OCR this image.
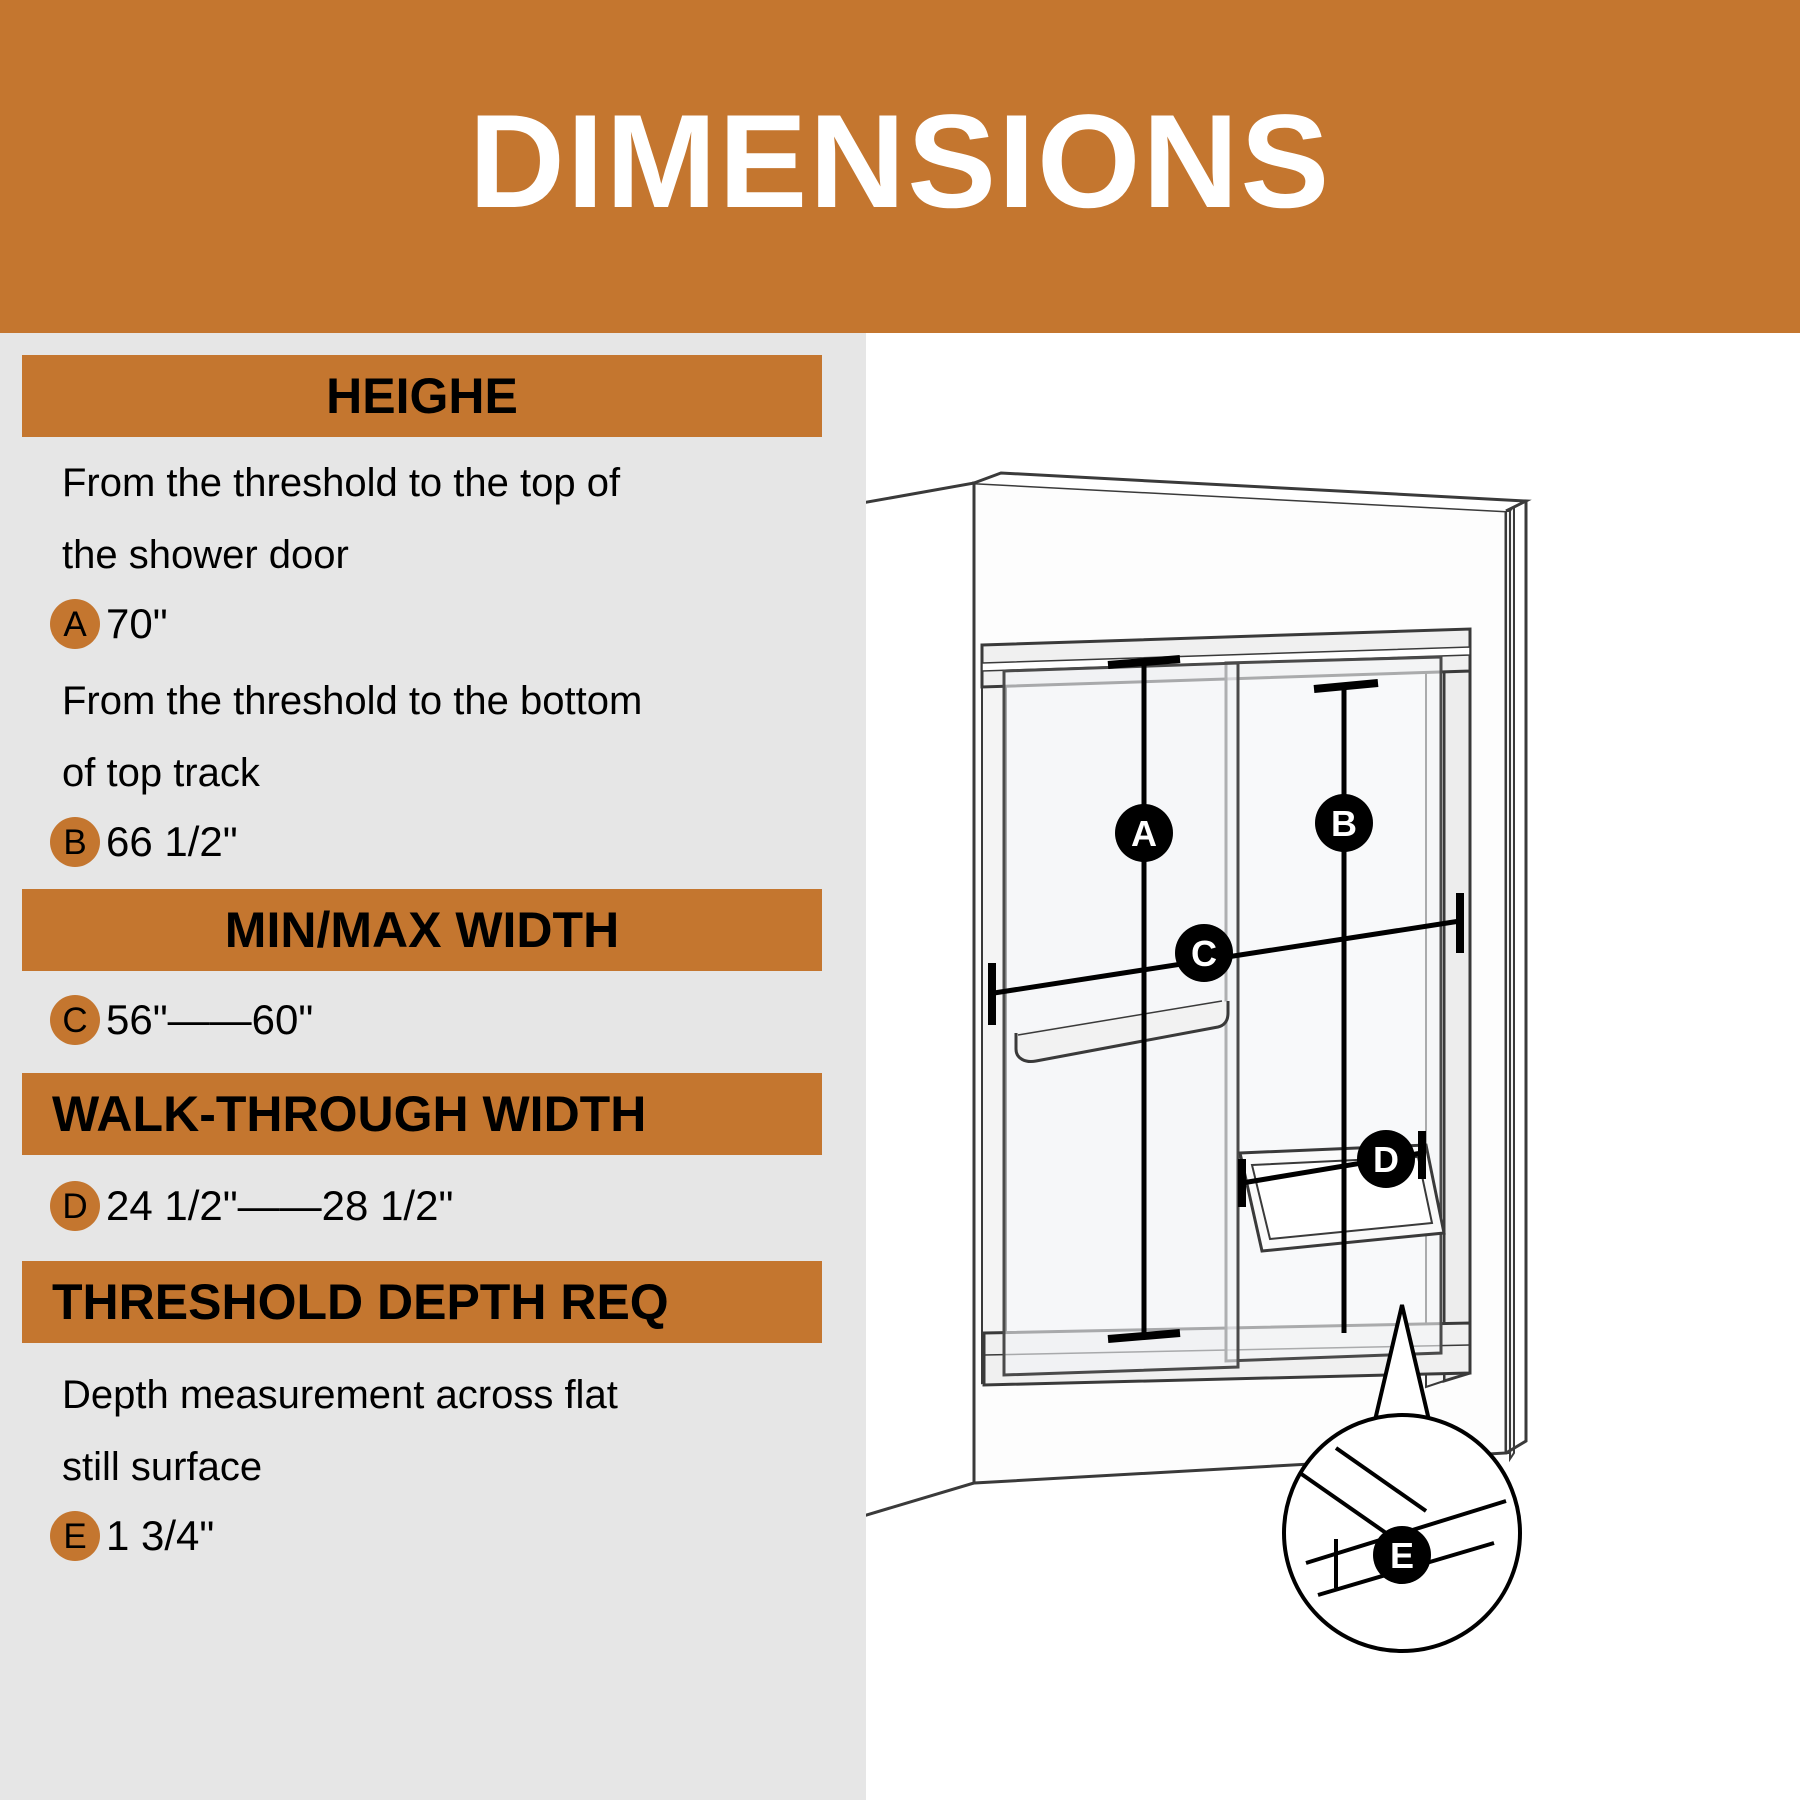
DIMENSIONS
HEIGHE
From the threshold to the top of
the shower door
A 70"
From the threshold to the bottom
of top track
B 66 1/2"
MIN/MAX WIDTH
C 56"——60"
WALK-THROUGH WIDTH
D 24 1/2"——28 1/2"
THRESHOLD DEPTH REQ
Depth measurement across flat
still surface
E 1 3/4"
A	B
C
D
E
